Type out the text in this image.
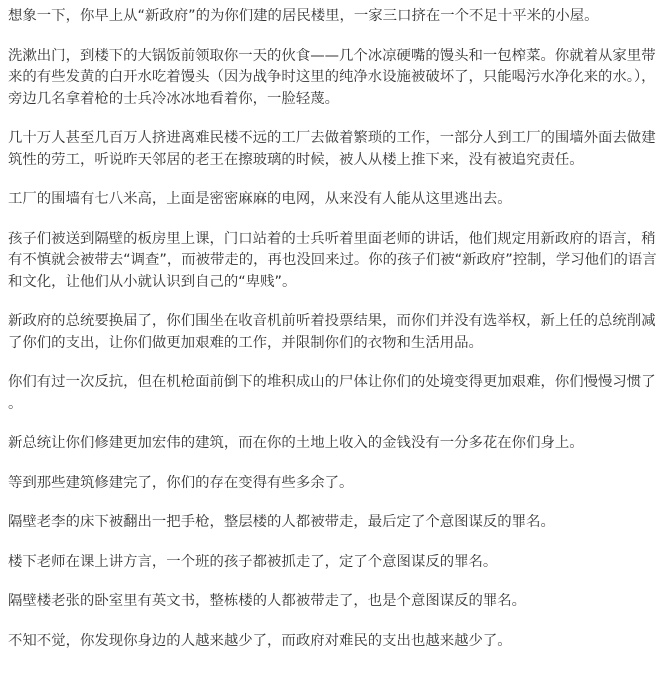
想象一下，你早上从“新政府”的为你们建的居民楼里，一家三口挤在一个不足十平米的小屋。

洗漱出门，到楼下的大锅饭前领取你一天的伙食——几个冰凉硬嘴的馒头和一包榨菜。你就着从家里带来的有些发黄的白开水吃着馒头（因为战争时这里的纯净水设施被破坏了，只能喝污水净化来的水。），旁边几名拿着枪的士兵冷冰冰地看着你，一脸轻蔑。

几十万人甚至几百万人挤进离难民楼不远的工厂去做着繁琐的工作，一部分人到工厂的围墙外面去做建筑性的劳工，听说昨天邻居的老王在擦玻璃的时候，被人从楼上推下来，没有被追究责任。

工厂的围墙有七八米高，上面是密密麻麻的电网，从来没有人能从这里逃出去。

孩子们被送到隔壁的板房里上课，门口站着的士兵听着里面老师的讲话，他们规定用新政府的语言，稍有不慎就会被带去“调查”，而被带走的，再也没回来过。你的孩子们被“新政府”控制，学习他们的语言和文化，让他们从小就认识到自己的“卑贱”。

新政府的总统要换届了，你们围坐在收音机前听着投票结果，而你们并没有选举权，新上任的总统削减了你们的支出，让你们做更加艰难的工作，并限制你们的衣物和生活用品。

你们有过一次反抗，但在机枪面前倒下的堆积成山的尸体让你们的处境变得更加艰难，你们慢慢习惯了。

新总统让你们修建更加宏伟的建筑，而在你的土地上收入的金钱没有一分多花在你们身上。

等到那些建筑修建完了，你们的存在变得有些多余了。

隔壁老李的床下被翻出一把手枪，整层楼的人都被带走，最后定了个意图谋反的罪名。

楼下老师在课上讲方言，一个班的孩子都被抓走了，定了个意图谋反的罪名。

隔壁楼老张的卧室里有英文书，整栋楼的人都被带走了，也是个意图谋反的罪名。

不知不觉，你发现你身边的人越来越少了，而政府对难民的支出也越来越少了。
